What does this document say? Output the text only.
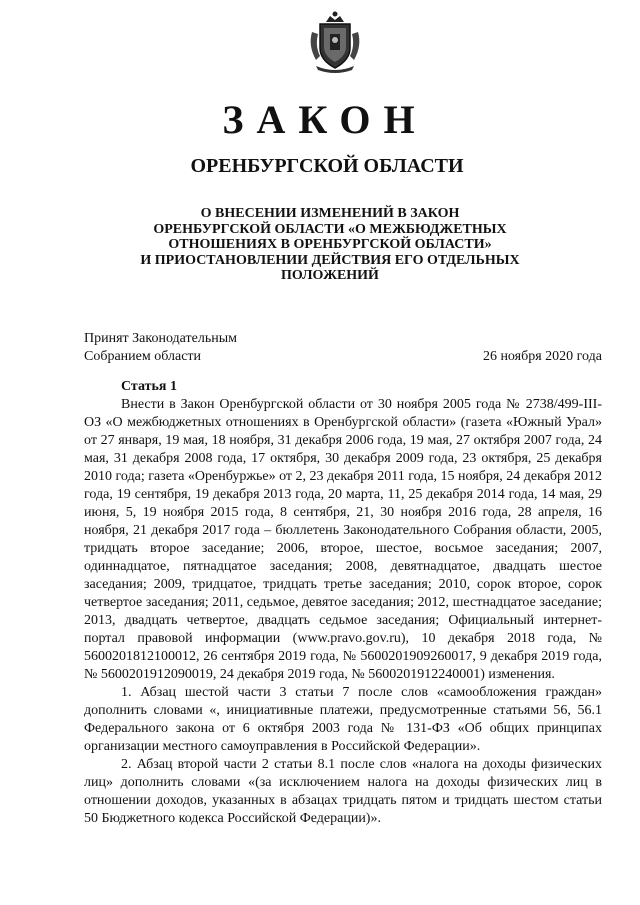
ЗАКОН
ОРЕНБУРГСКОЙ ОБЛАСТИ
О ВНЕСЕНИИ ИЗМЕНЕНИЙ В ЗАКОН
ОРЕНБУРГСКОЙ ОБЛАСТИ «О МЕЖБЮДЖЕТНЫХ
ОТНОШЕНИЯХ В ОРЕНБУРГСКОЙ ОБЛАСТИ»
И ПРИОСТАНОВЛЕНИИ ДЕЙСТВИЯ ЕГО ОТДЕЛЬНЫХ
ПОЛОЖЕНИЙ
Принят Законодательным
Собранием области	26 ноября 2020 года

Статья 1

Внести в Закон Оренбургской области от 30 ноября 2005 года № 2738/499-III-ОЗ «О межбюджетных отношениях в Оренбургской области» (газета «Южный Урал» от 27 января, 19 мая, 18 ноября, 31 декабря 2006 года, 19 мая, 27 октября 2007 года, 24 мая, 31 декабря 2008 года, 17 октября, 30 декабря 2009 года, 23 октября, 25 декабря 2010 года; газета «Оренбуржье» от 2, 23 декабря 2011 года, 15 ноября, 24 декабря 2012 года, 19 сентября, 19 декабря 2013 года, 20 марта, 11, 25 декабря 2014 года, 14 мая, 29 июня, 5, 19 ноября 2015 года, 8 сентября, 21, 30 ноября 2016 года, 28 апреля, 16 ноября, 21 декабря 2017 года – бюллетень Законодательного Собрания области, 2005, тридцать второе заседание; 2006, второе, шестое, восьмое заседания; 2007, одиннадцатое, пятнадцатое заседания; 2008, девятнадцатое, двадцать шестое заседания; 2009, тридцатое, тридцать третье заседания; 2010, сорок второе, сорок четвертое заседания; 2011, седьмое, девятое заседания; 2012, шестнадцатое заседание; 2013, двадцать четвертое, двадцать седьмое заседания; Официальный интернет-портал правовой информации (www.pravo.gov.ru), 10 декабря 2018 года, № 5600201812100012, 26 сентября 2019 года, № 5600201909260017, 9 декабря 2019 года, № 5600201912090019, 24 декабря 2019 года, № 5600201912240001) изменения.

1. Абзац шестой части 3 статьи 7 после слов «самообложения граждан» дополнить словами «, инициативные платежи, предусмотренные статьями 56, 56.1 Федерального закона от 6 октября 2003 года № 131-ФЗ «Об общих принципах организации местного самоуправления в Российской Федерации».

2. Абзац второй части 2 статьи 8.1 после слов «налога на доходы физических лиц» дополнить словами «(за исключением налога на доходы физических лиц в отношении доходов, указанных в абзацах тридцать пятом и тридцать шестом статьи 50 Бюджетного кодекса Российской Федерации)».
